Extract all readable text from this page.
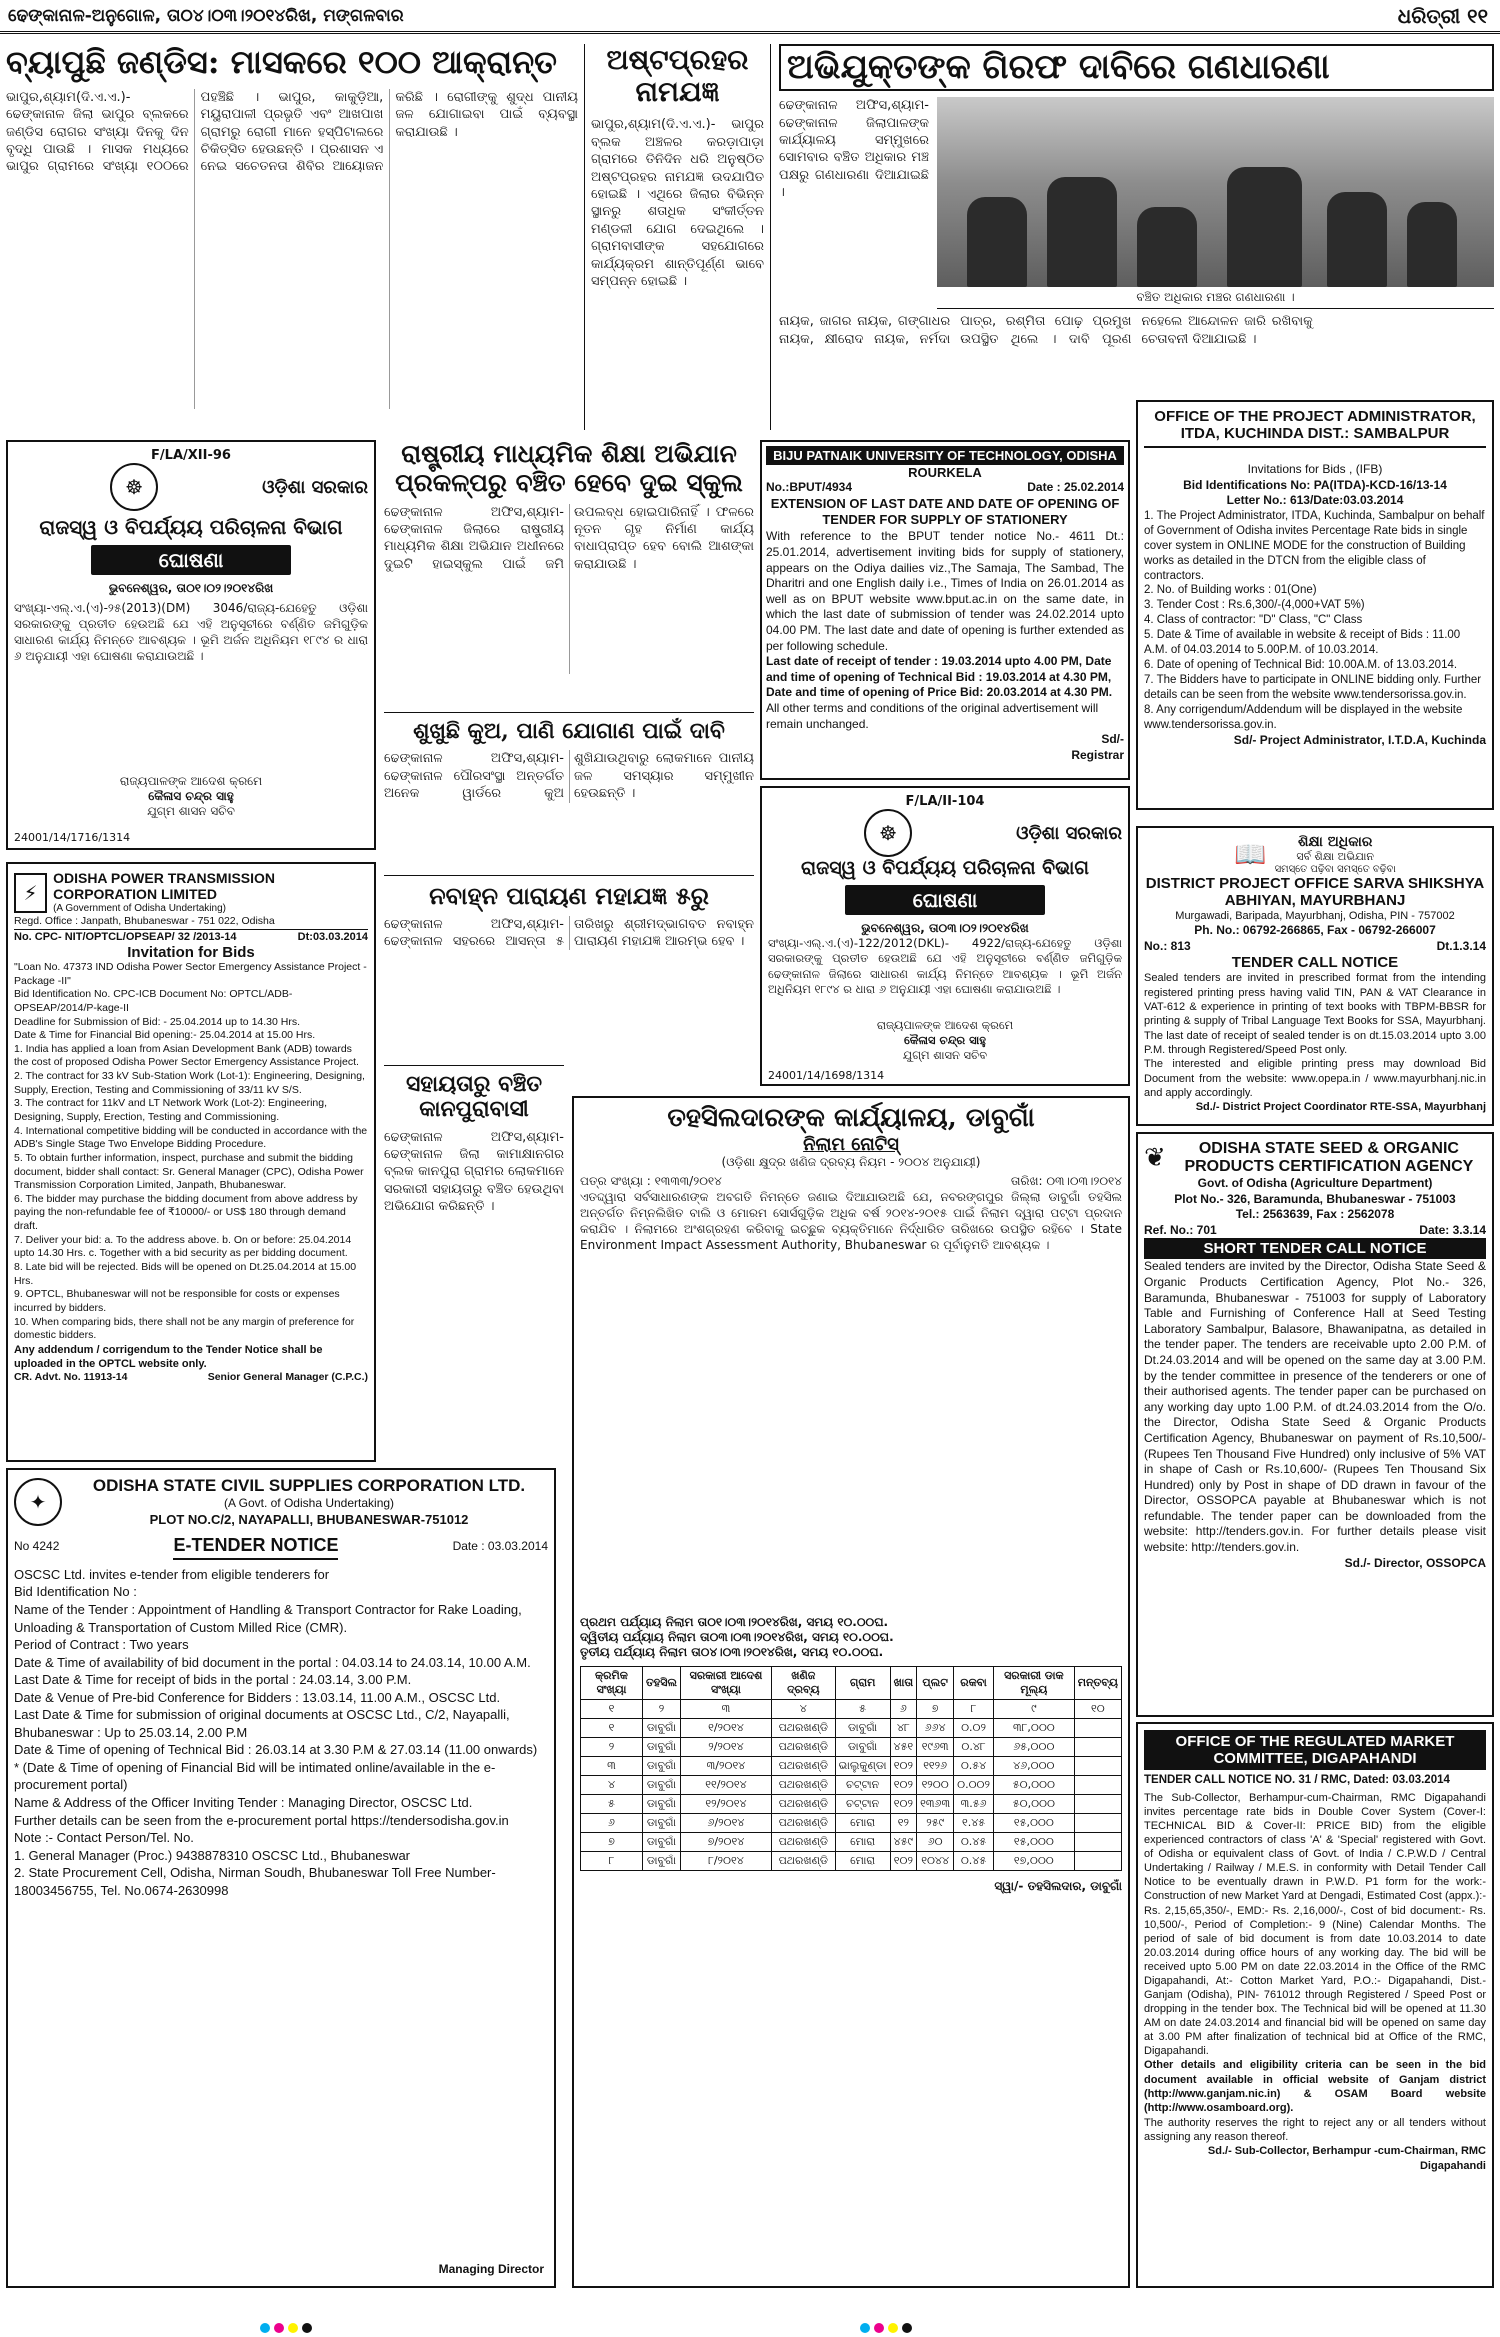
ଢେଙ୍କାନାଳ-ଅନୁଗୋଳ, ତା୦୪।୦୩।୨୦୧୪ରିଖ, ମଙ୍ଗଳବାର	ଧରିତ୍ରୀ ୧୧
ବ୍ୟାପୁଛି ଜଣ୍ଡିସ: ମାସକରେ ୧୦୦ ଆକ୍ରାନ୍ତ
ଭାପୁର,ଶ୍ୟାମ(ଦି.ଏ.ଏ.)- ଢେଙ୍କାନାଳ ଜିଲା ଭାପୁର ବ୍ଲକରେ ଜଣ୍ଡିସ ରୋଗର ସଂଖ୍ୟା ଦିନକୁ ଦିନ ବୃଦ୍ଧି ପାଉଛି । ମାସକ ମଧ୍ୟରେ ଭାପୁର ଗ୍ରାମରେ ସଂଖ୍ୟା ୧୦୦ରେ ପହଞ୍ଚିଛି । ଭାପୁର, କାକୁଡ଼ିଆ, ମୟୁରାପାଳୀ ପ୍ରଭୃତି ଏବଂ ଆଖପାଖ ଗ୍ରାମରୁ ରୋଗୀ ମାନେ ହସ୍ପିଟାଲରେ ଚିକିତ୍ସିତ ହେଉଛନ୍ତି । ପ୍ରଶାସନ ଏ ନେଇ ସଚେତନତା ଶିବିର ଆୟୋଜନ କରିଛି । ରୋଗୀଙ୍କୁ ଶୁଦ୍ଧ ପାନୀୟ ଜଳ ଯୋଗାଇବା ପାଇଁ ବ୍ୟବସ୍ଥା କରାଯାଉଛି ।
ଅଷ୍ଟପ୍ରହର ନାମଯଜ୍ଞ
ଭାପୁର,ଶ୍ୟାମ(ଦି.ଏ.ଏ.)- ଭାପୁର ବ୍ଲକ ଅଞ୍ଚଳର କରଡ଼ାପାଡ଼ା ଗ୍ରାମରେ ତିନିଦିନ ଧରି ଅନୁଷ୍ଠିତ ଅଷ୍ଟପ୍ରହର ନାମଯଜ୍ଞ ଉଦଯାପିତ ହୋଇଛି । ଏଥିରେ ଜିଲାର ବିଭିନ୍ନ ସ୍ଥାନରୁ ଶତାଧିକ ସଂକୀର୍ତ୍ତନ ମଣ୍ଡଳୀ ଯୋଗ ଦେଇଥିଲେ । ଗ୍ରାମବାସୀଙ୍କ ସହଯୋଗରେ କାର୍ଯ୍ୟକ୍ରମ ଶାନ୍ତିପୂର୍ଣ୍ଣ ଭାବେ ସମ୍ପନ୍ନ ହୋଇଛି ।
ଅଭିଯୁକ୍ତଙ୍କ ଗିରଫ ଦାବିରେ ଗଣଧାରଣା
ଢେଙ୍କାନାଳ ଅଫିସ,ଶ୍ୟାମ- ଢେଙ୍କାନାଳ ଜିଲାପାଳଙ୍କ କାର୍ଯ୍ୟାଳୟ ସମ୍ମୁଖରେ ସୋମବାର ବଞ୍ଚିତ ଅଧିକାର ମଞ୍ଚ ପକ୍ଷରୁ ଗଣଧାରଣା ଦିଆଯାଇଛି ।
ବଞ୍ଚିତ ଅଧିକାର ମଞ୍ଚର ଗଣଧାରଣା ।
ନାୟକ, ଜାଗର ନାୟକ, ଗଙ୍ଗାଧର ନାୟକ, କ୍ଷୀରୋଦ ନାୟକ, ନର୍ମଦା ପାତ୍ର, ରଶ୍ମିତା ପୋଢ଼ ପ୍ରମୁଖ ଉପସ୍ଥିତ ଥିଲେ । ଦାବି ପୂରଣ ନହେଲେ ଆନ୍ଦୋଳନ ଜାରି ରଖିବାକୁ ଚେତାବନୀ ଦିଆଯାଇଛି ।
F/LA/XII-96
☸	ଓଡ଼ିଶା ସରକାର
ରାଜସ୍ୱ ଓ ବିପର୍ଯ୍ୟୟ ପରିଚାଳନା ବିଭାଗ
ଘୋଷଣା
ଭୁବନେଶ୍ୱର, ତା୦୧।୦୨।୨୦୧୪ରିଖ
ସଂଖ୍ୟା-ଏଲ୍.ଏ.(ଏ)-୨୫(2013)(DM) 3046/ରାଜ୍ୟ-ଯେହେତୁ ଓଡ଼ିଶା ସରକାରଙ୍କୁ ପ୍ରତୀତ ହେଉଅଛି ଯେ ଏହି ଅନୁସୂଚୀରେ ବର୍ଣ୍ଣିତ ଜମିଗୁଡ଼ିକ ସାଧାରଣ କାର୍ଯ୍ୟ ନିମନ୍ତେ ଆବଶ୍ୟକ । ଭୂମି ଅର୍ଜନ ଅଧିନିୟମ ୧୮୯୪ ର ଧାରା ୬ ଅନୁଯାୟୀ ଏହା ଘୋଷଣା କରାଯାଉଅଛି ।
ରାଜ୍ୟପାଳଙ୍କ ଆଦେଶ କ୍ରମେ
କୈଳାସ ଚନ୍ଦ୍ର ସାହୁ
ଯୁଗ୍ମ ଶାସନ ସଚିବ
24001/14/1716/1314
ରାଷ୍ଟ୍ରୀୟ ମାଧ୍ୟମିକ ଶିକ୍ଷା ଅଭିଯାନ ପ୍ରକଳ୍ପରୁ ବଞ୍ଚିତ ହେବେ ଦୁଇ ସ୍କୁଲ
ଢେଙ୍କାନାଳ ଅଫିସ,ଶ୍ୟାମ- ଢେଙ୍କାନାଳ ଜିଲାରେ ରାଷ୍ଟ୍ରୀୟ ମାଧ୍ୟମିକ ଶିକ୍ଷା ଅଭିଯାନ ଅଧୀନରେ ଦୁଇଟି ହାଇସ୍କୁଲ ପାଇଁ ଜମି ଉପଲବ୍ଧ ହୋଇପାରିନାହିଁ । ଫଳରେ ନୂତନ ଗୃହ ନିର୍ମାଣ କାର୍ଯ୍ୟ ବାଧାପ୍ରାପ୍ତ ହେବ ବୋଲି ଆଶଙ୍କା କରାଯାଉଛି ।
ଶୁଖୁଛି କୁଅ, ପାଣି ଯୋଗାଣ ପାଇଁ ଦାବି
ଢେଙ୍କାନାଳ ଅଫିସ,ଶ୍ୟାମ-ଢେଙ୍କାନାଳ ପୌରସଂସ୍ଥା ଅନ୍ତର୍ଗତ ଅନେକ ୱାର୍ଡରେ କୁଅ ଶୁଖିଯାଉଥିବାରୁ ଲୋକମାନେ ପାନୀୟ ଜଳ ସମସ୍ୟାର ସମ୍ମୁଖୀନ ହେଉଛନ୍ତି ।
ନବାହ୍ନ ପାରାୟଣ ମହାଯଜ୍ଞ ୫ରୁ
ଢେଙ୍କାନାଳ ଅଫିସ,ଶ୍ୟାମ-ଢେଙ୍କାନାଳ ସହରରେ ଆସନ୍ତା ୫ ତାରିଖରୁ ଶ୍ରୀମଦ୍ଭାଗବତ ନବାହ୍ନ ପାରାୟଣ ମହାଯଜ୍ଞ ଆରମ୍ଭ ହେବ ।
ସହାୟତାରୁ ବଞ୍ଚିତ କାନପୁରାବାସୀ
ଢେଙ୍କାନାଳ ଅଫିସ,ଶ୍ୟାମ- ଢେଙ୍କାନାଳ ଜିଲା କାମାକ୍ଷାନଗର ବ୍ଲକ କାନପୁରା ଗ୍ରାମର ଲୋକମାନେ ସରକାରୀ ସହାୟତାରୁ ବଞ୍ଚିତ ହେଉଥିବା ଅଭିଯୋଗ କରିଛନ୍ତି ।
BIJU PATNAIK UNIVERSITY OF TECHNOLOGY, ODISHA
ROURKELA
No.:BPUT/4934	Date : 25.02.2014
EXTENSION OF LAST DATE AND DATE OF OPENING OF TENDER FOR SUPPLY OF STATIONERY
With reference to the BPUT tender notice No.- 4611 Dt.: 25.01.2014, advertisement inviting bids for supply of stationery, appears on the Odiya dailies viz.,The Samaja, The Sambad, The Dharitri and one English daily i.e., Times of India on 26.01.2014 as well as on BPUT website www.bput.ac.in on the same date, in which the last date of submission of tender was 24.02.2014 upto 04.00 PM. The last date and date of opening is further extended as per following schedule.
Last date of receipt of tender : 19.03.2014 upto 4.00 PM, Date and time of opening of Technical Bid : 19.03.2014 at 4.30 PM, Date and time of opening of Price Bid: 20.03.2014 at 4.30 PM.
All other terms and conditions of the original advertisement will remain unchanged.
Sd/-
Registrar
OFFICE OF THE PROJECT ADMINISTRATOR, ITDA, KUCHINDA DIST.: SAMBALPUR
Invitations for Bids , (IFB)
Bid Identifications No: PA(ITDA)-KCD-16/13-14
Letter No.: 613/Date:03.03.2014
1. The Project Administrator, ITDA, Kuchinda, Sambalpur on behalf of Government of Odisha invites Percentage Rate bids in single cover system in ONLINE MODE for the construction of Building works as detailed in the DTCN from the eligible class of contractors.
2. No. of Building works : 01(One)
3. Tender Cost : Rs.6,300/-(4,000+VAT 5%)
4. Class of contractor: "D" Class, "C" Class
5. Date & Time of available in website & receipt of Bids : 11.00 A.M. of 04.03.2014 to 5.00P.M. of 10.03.2014.
6. Date of opening of Technical Bid: 10.00A.M. of 13.03.2014.
7. The Bidders have to participate in ONLINE bidding only. Further details can be seen from the website www.tendersorissa.gov.in.
8. Any corrigendum/Addendum will be displayed in the website www.tendersorissa.gov.in.
Sd/- Project Administrator, I.T.D.A, Kuchinda
F/LA/II-104
☸	ଓଡ଼ିଶା ସରକାର
ରାଜସ୍ୱ ଓ ବିପର୍ଯ୍ୟୟ ପରିଚାଳନା ବିଭାଗ
ଘୋଷଣା
ଭୁବନେଶ୍ୱର, ତା୦୩।୦୨।୨୦୧୪ରିଖ
ସଂଖ୍ୟା-ଏଲ୍.ଏ.(ଏ)-122/2012(DKL)- 4922/ରାଜ୍ୟ-ଯେହେତୁ ଓଡ଼ିଶା ସରକାରଙ୍କୁ ପ୍ରତୀତ ହେଉଅଛି ଯେ ଏହି ଅନୁସୂଚୀରେ ବର୍ଣ୍ଣିତ ଜମିଗୁଡ଼ିକ ଢେଙ୍କାନାଳ ଜିଲାରେ ସାଧାରଣ କାର୍ଯ୍ୟ ନିମନ୍ତେ ଆବଶ୍ୟକ । ଭୂମି ଅର୍ଜନ ଅଧିନିୟମ ୧୮୯୪ ର ଧାରା ୬ ଅନୁଯାୟୀ ଏହା ଘୋଷଣା କରାଯାଉଅଛି ।
ରାଜ୍ୟପାଳଙ୍କ ଆଦେଶ କ୍ରମେ
କୈଳାସ ଚନ୍ଦ୍ର ସାହୁ
ଯୁଗ୍ମ ଶାସନ ସଚିବ
24001/14/1698/1314
📖	ଶିକ୍ଷା ଅଧିକାର
ସର୍ବ ଶିକ୍ଷା ଅଭିଯାନ
ସମସ୍ତେ ପଢ଼ିବା ସମସ୍ତେ ବଢ଼ିବା
DISTRICT PROJECT OFFICE SARVA SHIKSHYA ABHIYAN, MAYURBHANJ
Murgawadi, Baripada, Mayurbhanj, Odisha, PIN - 757002
Ph. No.: 06792-266865, Fax - 06792-266007
No.: 813	Dt.1.3.14
TENDER CALL NOTICE
Sealed tenders are invited in prescribed format from the intending registered printing press having valid TIN, PAN & VAT Clearance in VAT-612 & experience in printing of text books with TBPM-BBSR for printing & supply of Tribal Language Text Books for SSA, Mayurbhanj. The last date of receipt of sealed tender is on dt.15.03.2014 upto 3.00 P.M. through Registered/Speed Post only.
The interested and eligible printing press may download Bid Document from the website: www.opepa.in / www.mayurbhanj.nic.in and apply accordingly.
Sd./- District Project Coordinator RTE-SSA, Mayurbhanj
⚡
ODISHA POWER TRANSMISSION CORPORATION LIMITED
(A Government of Odisha Undertaking)
Regd. Office : Janpath, Bhubaneswar - 751 022, Odisha
No. CPC- NIT/OPTCL/OPSEAP/ 32 /2013-14	Dt:03.03.2014
Invitation for Bids
"Loan No. 47373 IND Odisha Power Sector Emergency Assistance Project -Package -II"
Bid Identification No. CPC-ICB Document No: OPTCL/ADB-OPSEAP/2014/P-kage-II
Deadline for Submission of Bid: - 25.04.2014 up to 14.30 Hrs.
Date & Time for Financial Bid opening:- 25.04.2014 at 15.00 Hrs.
1. India has applied a loan from Asian Development Bank (ADB) towards the cost of proposed Odisha Power Sector Emergency Assistance Project.
2. The contract for 33 kV Sub-Station Work (Lot-1): Engineering, Designing, Supply, Erection, Testing and Commissioning of 33/11 kV S/S.
3. The contract for 11kV and LT Network Work (Lot-2): Engineering, Designing, Supply, Erection, Testing and Commissioning.
4. International competitive bidding will be conducted in accordance with the ADB's Single Stage Two Envelope Bidding Procedure.
5. To obtain further information, inspect, purchase and submit the bidding document, bidder shall contact: Sr. General Manager (CPC), Odisha Power Transmission Corporation Limited, Janpath, Bhubaneswar.
6. The bidder may purchase the bidding document from above address by paying the non-refundable fee of ₹10000/- or US$ 180 through demand draft.
7. Deliver your bid: a. To the address above. b. On or before: 25.04.2014 upto 14.30 Hrs. c. Together with a bid security as per bidding document.
8. Late bid will be rejected. Bids will be opened on Dt.25.04.2014 at 15.00 Hrs.
9. OPTCL, Bhubaneswar will not be responsible for costs or expenses incurred by bidders.
10. When comparing bids, there shall not be any margin of preference for domestic bidders.
Any addendum / corrigendum to the Tender Notice shall be uploaded in the OPTCL website only.
CR. Advt. No. 11913-14	Senior General Manager (C.P.C.)
✦
ODISHA STATE CIVIL SUPPLIES CORPORATION LTD.
(A Govt. of Odisha Undertaking)
PLOT NO.C/2, NAYAPALLI, BHUBANESWAR-751012
No 4242	E-TENDER NOTICE	Date : 03.03.2014
OSCSC Ltd. invites e-tender from eligible tenderers for
Bid Identification No :
Name of the Tender : Appointment of Handling & Transport Contractor for Rake Loading, Unloading & Transportation of Custom Milled Rice (CMR).
Period of Contract : Two years
Date & Time of availability of bid document in the portal : 04.03.14 to 24.03.14, 10.00 A.M.
Last Date & Time for receipt of bids in the portal : 24.03.14, 3.00 P.M.
Date & Venue of Pre-bid Conference for Bidders : 13.03.14, 11.00 A.M., OSCSC Ltd.
Last Date & Time for submission of original documents at OSCSC Ltd., C/2, Nayapalli, Bhubaneswar : Up to 25.03.14, 2.00 P.M
Date & Time of opening of Technical Bid : 26.03.14 at 3.30 P.M & 27.03.14 (11.00 onwards)
* (Date & Time of opening of Financial Bid will be intimated online/available in the e-procurement portal)
Name & Address of the Officer Inviting Tender : Managing Director, OSCSC Ltd.
Further details can be seen from the e-procurement portal https://tendersodisha.gov.in
Note :- Contact Person/Tel. No.
1. General Manager (Proc.) 9438878310 OSCSC Ltd., Bhubaneswar
2. State Procurement Cell, Odisha, Nirman Soudh, Bhubaneswar Toll Free Number- 18003456755, Tel. No.0674-2630998
Managing Director
ତହସିଲଦାରଙ୍କ କାର୍ଯ୍ୟାଳୟ, ଡାବୁଗାଁ
ନିଲାମ ନୋଟିସ୍
(ଓଡ଼ିଶା କ୍ଷୁଦ୍ର ଖଣିଜ ଦ୍ରବ୍ୟ ନିୟମ - ୨୦୦୪ ଅନୁଯାୟୀ)
ପତ୍ର ସଂଖ୍ୟା : ୧୩୩୩/୨୦୧୪	ତାରିଖ: ୦୩।୦୩।୨୦୧୪
ଏତଦ୍ଦ୍ୱାରା ସର୍ବସାଧାରଣଙ୍କ ଅବଗତି ନିମନ୍ତେ ଜଣାଇ ଦିଆଯାଉଅଛି ଯେ, ନବରଙ୍ଗପୁର ଜିଲ୍ଲା ଡାବୁଗାଁ ତହସିଲ ଅନ୍ତର୍ଗତ ନିମ୍ନଲିଖିତ ବାଲି ଓ ମୋରମ ସୋର୍ସଗୁଡ଼ିକ ଅଧିକ ବର୍ଷ ୨୦୧୪-୨୦୧୫ ପାଇଁ ନିଲାମ ଦ୍ୱାରା ପଟ୍ଟା ପ୍ରଦାନ କରାଯିବ । ନିଲାମରେ ଅଂଶଗ୍ରହଣ କରିବାକୁ ଇଚ୍ଛୁକ ବ୍ୟକ୍ତିମାନେ ନିର୍ଦ୍ଧାରିତ ତାରିଖରେ ଉପସ୍ଥିତ ରହିବେ । State Environment Impact Assessment Authority, Bhubaneswar ର ପୂର୍ବାନୁମତି ଆବଶ୍ୟକ ।
ପ୍ରଥମ ପର୍ଯ୍ୟାୟ ନିଲାମ ତା୦୧।୦୩।୨୦୧୪ରିଖ, ସମୟ ୧୦.୦୦ଘ.
ଦ୍ୱିତୀୟ ପର୍ଯ୍ୟାୟ ନିଲାମ ତା୦୩।୦୩।୨୦୧୪ରିଖ, ସମୟ ୧୦.୦୦ଘ.
ତୃତୀୟ ପର୍ଯ୍ୟାୟ ନିଲାମ ତା୦୪।୦୩।୨୦୧୪ରିଖ, ସମୟ ୧୦.୦୦ଘ.
କ୍ରମିକ ସଂଖ୍ୟା	ତହସିଲ	ସରକାରୀ ଆଦେଶ ସଂଖ୍ୟା	ଖଣିଜ ଦ୍ରବ୍ୟ	ଗ୍ରାମ	ଖାତା	ପ୍ଲଟ	ରକବା	ସରକାରୀ ଡାକ ମୂଲ୍ୟ	ମନ୍ତବ୍ୟ
୧	୨	୩	୪	୫	୬	୭	୮	୯	୧୦
୧	ଡାବୁଗାଁ	୧/୨୦୧୪	ପଥରଖଣ୍ଡି	ଡାବୁଗାଁ	୪୮	୬୬୪	୦.୦୨	୩୮,୦୦୦	
୨	ଡାବୁଗାଁ	୨/୨୦୧୪	ପଥରଖଣ୍ଡି	ଡାବୁଗାଁ	୪୫୧	୧୯୬୩	୦.୪୮	୬୫,୦୦୦	
୩	ଡାବୁଗାଁ	୩/୨୦୧୪	ପଥରଖଣ୍ଡି	ଭାଲୁକୁଣ୍ଡା	୧୦୨	୧୧୨୬	୦.୫୪	୪୬,୦୦୦	
୪	ଡାବୁଗାଁ	୧୧/୨୦୧୪	ପଥରଖଣ୍ଡି	ଚଟ୍ଟାନ	୧୦୨	୧୨୦୦	୦.୦୦୨	୫୦,୦୦୦	
୫	ଡାବୁଗାଁ	୧୨/୨୦୧୪	ପଥରଖଣ୍ଡି	ଚଟ୍ଟାନ	୧୦୨	୧୩୬୩	୩.୫୬	୫୦,୦୦୦	
୬	ଡାବୁଗାଁ	୬/୨୦୧୪	ପଥରଖଣ୍ଡି	ମୋରା	୧୨	୨୫୯	୧.୪୫	୧୫,୦୦୦	
୭	ଡାବୁଗାଁ	୭/୨୦୧୪	ପଥରଖଣ୍ଡି	ମୋରା	୪୫୯	୬୦	୦.୪୫	୧୫,୦୦୦	
୮	ଡାବୁଗାଁ	୮/୨୦୧୪	ପଥରଖଣ୍ଡି	ମୋରା	୧୦୨	୧୦୪୪	୦.୪୫	୧୭,୦୦୦	
ସ୍ୱା/- ତହସିଲଦାର, ଡାବୁଗାଁ
❦	ODISHA STATE SEED & ORGANIC PRODUCTS CERTIFICATION AGENCY
Govt. of Odisha (Agriculture Department)
Plot No.- 326, Baramunda, Bhubaneswar - 751003
Tel.: 2563639, Fax : 2562078
Ref. No.: 701	Date: 3.3.14
SHORT TENDER CALL NOTICE
Sealed tenders are invited by the Director, Odisha State Seed & Organic Products Certification Agency, Plot No.- 326, Baramunda, Bhubaneswar - 751003 for supply of Laboratory Table and Furnishing of Conference Hall at Seed Testing Laboratory Sambalpur, Balasore, Bhawanipatna, as detailed in the tender paper. The tenders are receivable upto 2.00 P.M. of Dt.24.03.2014 and will be opened on the same day at 3.00 P.M. by the tender committee in presence of the tenderers or one of their authorised agents. The tender paper can be purchased on any working day upto 1.00 P.M. of dt.24.03.2014 from the O/o. the Director, Odisha State Seed & Organic Products Certification Agency, Bhubaneswar on payment of Rs.10,500/- (Rupees Ten Thousand Five Hundred) only inclusive of 5% VAT in shape of Cash or Rs.10,600/- (Rupees Ten Thousand Six Hundred) only by Post in shape of DD drawn in favour of the Director, OSSOPCA payable at Bhubaneswar which is not refundable. The tender paper can be downloaded from the website: http://tenders.gov.in. For further details please visit website: http://tenders.gov.in.
Sd./- Director, OSSOPCA
OFFICE OF THE REGULATED MARKET COMMITTEE, DIGAPAHANDI
TENDER CALL NOTICE NO. 31 / RMC, Dated: 03.03.2014
The Sub-Collector, Berhampur-cum-Chairman, RMC Digapahandi invites percentage rate bids in Double Cover System (Cover-I: TECHNICAL BID & Cover-II: PRICE BID) from the eligible experienced contractors of class 'A' & 'Special' registered with Govt. of Odisha or equivalent class of Govt. of India / C.P.W.D / Central Undertaking / Railway / M.E.S. in conformity with Detail Tender Call Notice to be eventually drawn in P.W.D. P1 form for the work:- Construction of new Market Yard at Dengadi, Estimated Cost (appx.):- Rs. 2,15,65,350/-, EMD:- Rs. 2,16,000/-, Cost of bid document:- Rs. 10,500/-, Period of Completion:- 9 (Nine) Calendar Months. The period of sale of bid document is from date 10.03.2014 to date 20.03.2014 during office hours of any working day. The bid will be received upto 5.00 PM on date 22.03.2014 in the Office of the RMC Digapahandi, At:- Cotton Market Yard, P.O.:- Digapahandi, Dist.- Ganjam (Odisha), PIN- 761012 through Registered / Speed Post or dropping in the tender box. The Technical bid will be opened at 11.30 AM on date 24.03.2014 and financial bid will be opened on same day at 3.00 PM after finalization of technical bid at Office of the RMC, Digapahandi.
Other details and eligibility criteria can be seen in the bid document available in official website of Ganjam district (http://www.ganjam.nic.in) & OSAM Board website (http://www.osamboard.org).
The authority reserves the right to reject any or all tenders without assigning any reason thereof.
Sd./- Sub-Collector, Berhampur -cum-Chairman, RMC Digapahandi
